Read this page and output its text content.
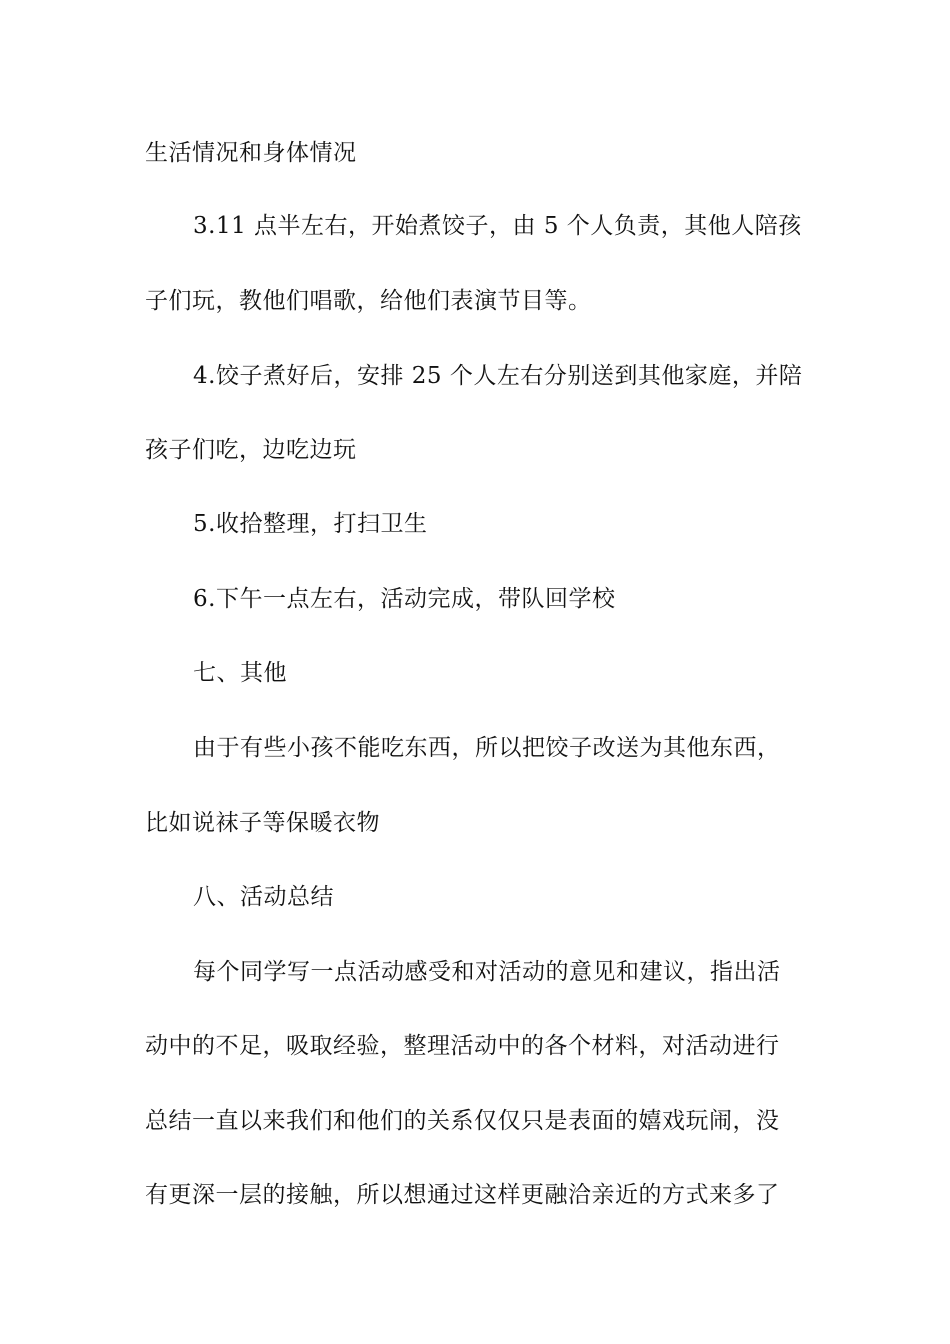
生活情况和身体情况
3.11 点半左右，开始煮饺子，由 5 个人负责，其他人陪孩
子们玩，教他们唱歌，给他们表演节目等。
4.饺子煮好后，安排 25 个人左右分别送到其他家庭，并陪
孩子们吃，边吃边玩
5.收拾整理，打扫卫生
6.下午一点左右，活动完成，带队回学校
七、其他
由于有些小孩不能吃东西，所以把饺子改送为其他东西，
比如说袜子等保暖衣物
八、活动总结
每个同学写一点活动感受和对活动的意见和建议，指出活
动中的不足，吸取经验，整理活动中的各个材料，对活动进行
总结一直以来我们和他们的关系仅仅只是表面的嬉戏玩闹，没
有更深一层的接触，所以想通过这样更融洽亲近的方式来多了
